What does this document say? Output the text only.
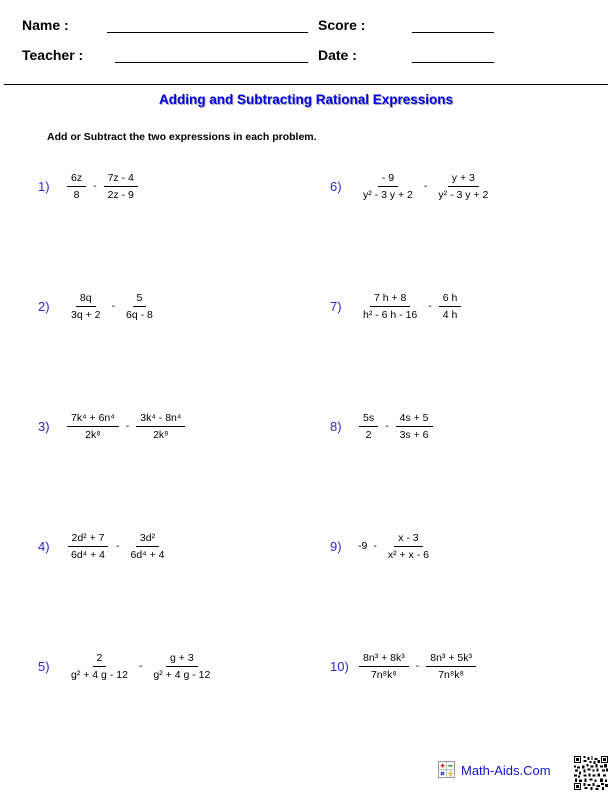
Name :	Score :
Teacher :	Date :
Adding and Subtracting Rational Expressions
Add or Subtract the two expressions in each problem.
1)	$\frac{6z}{8} - \frac{7z - 4}{2z - 9}$
2)	$\frac{8q}{3q + 2} - \frac{5}{6q - 8}$
3)	$\frac{\text{7k⁴ + 6n⁴}}{\text{2k⁸}} - \frac{\text{3k⁴ - 8n⁴}}{\text{2k⁸}}$
4)	$\frac{\text{2d² + 7}}{\text{6d⁴ + 4}} - \frac{\text{3d²}}{\text{6d⁴ + 4}}$
5)	$\frac{2}{\text{g² + 4 g - 12}} - \frac{g + 3}{\text{g² + 4 g - 12}}$
6)	$\frac{- 9}{\text{y² - 3 y + 2}} - \frac{y + 3}{\text{y² - 3 y + 2}}$
7)	$\frac{7 h + 8}{\text{h² - 6 h - 16}} - \frac{6 h}{4 h}$
8)	$\frac{5s}{2} - \frac{4s + 5}{3s + 6}$
9)	$-9 - \frac{x - 3}{\text{x² + x - 6}}$
$10) \frac{\text{8n³ + 8k³}}{\text{7n⁸k⁸}} - \frac{\text{8n³ + 5k³}}{\text{7n⁸k⁸}}$
Math-Aids.Com
